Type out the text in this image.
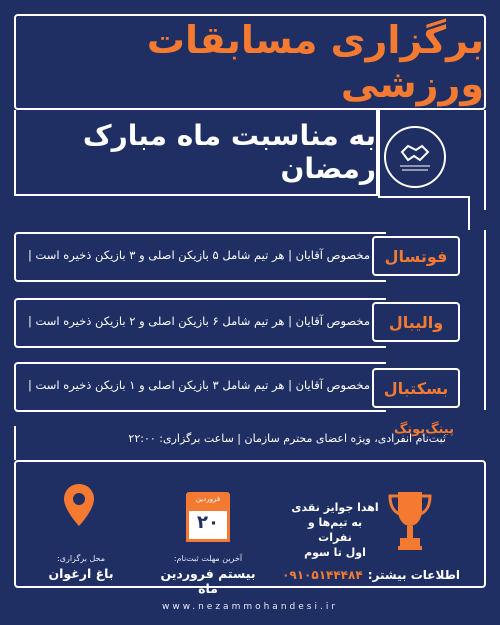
برگزاری مسابقات ورزشی
به مناسبت ماه مبارک رمضان
مخصوص آقایان | هر تیم شامل ۵ بازیکن اصلی و ۳ بازیکن ذخیره است | فوتسال
مخصوص آقایان | هر تیم شامل ۶ بازیکن اصلی و ۲ بازیکن ذخیره است |	والیبال
مخصوص آقایان | هر تیم شامل ۳ بازیکن اصلی و ۱ بازیکن ذخیره است | بسکتبال
پینگ‌پونگ
ثبت‌نام انفرادی، ویژه اعضای محترم سازمان | ساعت برگزاری: ۲۲:۰۰
محل برگزاری:
باغ ارغوان
فروردین
۲۰
آخرین مهلت ثبت‌نام:
بیستم فروردین ماه
اهدا جوایز نقدی
به تیم‌ها و نفرات
اول تا سوم
اطلاعات بیشتر: ۰۹۱۰۵۱۴۴۴۸۴
www.nezammohandesi.ir
